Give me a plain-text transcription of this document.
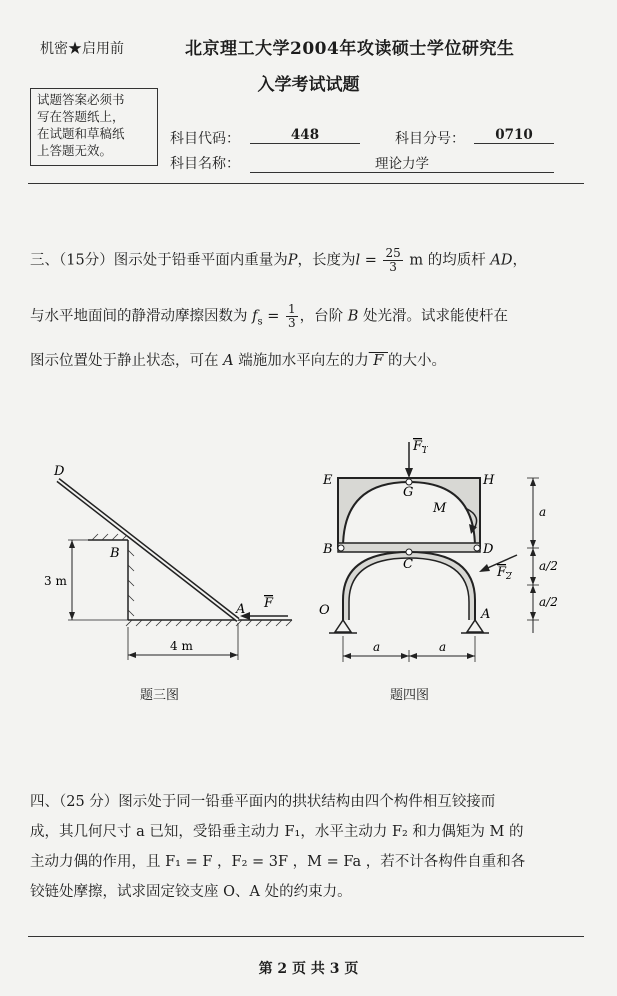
机密★启用前	北京理工大学2004年攻读硕士学位研究生
入学考试试题
试题答案必须书
写在答题纸上，
在试题和草稿纸
上答题无效。
科目代码：	448	科目分号：	0710
科目名称：	理论力学
三、（15分）图示处于铅垂平面内重量为P，长度为$l = \frac{25}{3}$ m 的均质杆 AD，
与水平地面间的静滑动摩擦因数为 $f_s = \frac{1}{3}$ ，台阶 B 处光滑。试求能使杆在
图示位置处于静止状态，可在 A 端施加水平向左的力 F 的大小。
D
B
A F
3 m
4 m
题三图
E
G
H
B
C
D
O	A
M
$F_1$
$F_2$
a
a/2
a/2
a	a
题四图
四、（25 分）图示处于同一铅垂平面内的拱状结构由四个构件相互铰接而
成，其几何尺寸 a 已知，受铅垂主动力 F₁，水平主动力 F₂ 和力偶矩为 M 的
主动力偶的作用，且 F₁ = F ，F₂ = 3F ，M = Fa ，若不计各构件自重和各
铰链处摩擦，试求固定铰支座 O、A 处的约束力。
第 2 页 共 3 页
